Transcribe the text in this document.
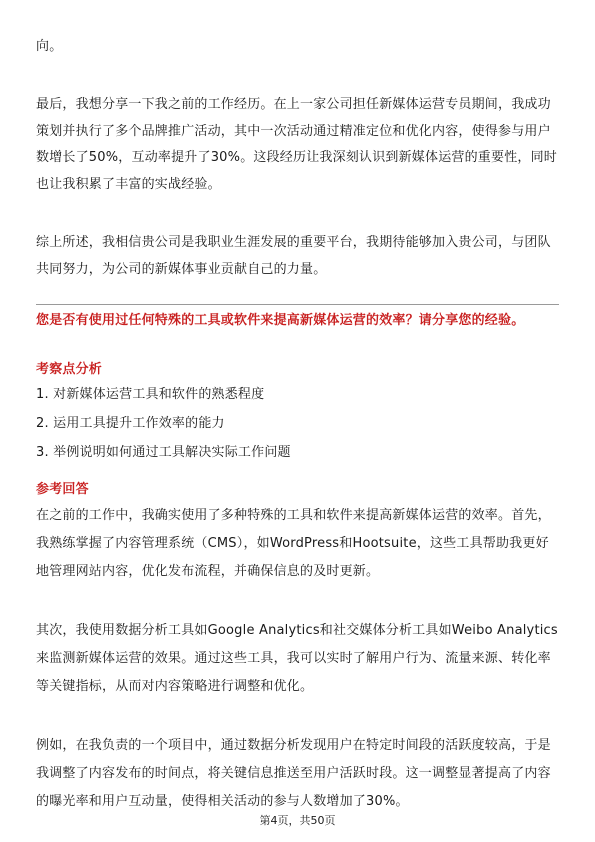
向。

最后，我想分享一下我之前的工作经历。在上一家公司担任新媒体运营专员期间，我成功策划并执行了多个品牌推广活动，其中一次活动通过精准定位和优化内容，使得参与用户数增长了50%，互动率提升了30%。这段经历让我深刻认识到新媒体运营的重要性，同时也让我积累了丰富的实战经验。

综上所述，我相信贵公司是我职业生涯发展的重要平台，我期待能够加入贵公司，与团队共同努力，为公司的新媒体事业贡献自己的力量。

您是否有使用过任何特殊的工具或软件来提高新媒体运营的效率？请分享您的经验。

考察点分析

1. 对新媒体运营工具和软件的熟悉程度

2. 运用工具提升工作效率的能力

3. 举例说明如何通过工具解决实际工作问题

参考回答

在之前的工作中，我确实使用了多种特殊的工具和软件来提高新媒体运营的效率。首先，我熟练掌握了内容管理系统（CMS），如WordPress和Hootsuite，这些工具帮助我更好地管理网站内容，优化发布流程，并确保信息的及时更新。

其次，我使用数据分析工具如Google Analytics和社交媒体分析工具如Weibo Analytics来监测新媒体运营的效果。通过这些工具，我可以实时了解用户行为、流量来源、转化率等关键指标，从而对内容策略进行调整和优化。

例如，在我负责的一个项目中，通过数据分析发现用户在特定时间段的活跃度较高，于是我调整了内容发布的时间点，将关键信息推送至用户活跃时段。这一调整显著提高了内容的曝光率和用户互动量，使得相关活动的参与人数增加了30%。

第4页，共50页
